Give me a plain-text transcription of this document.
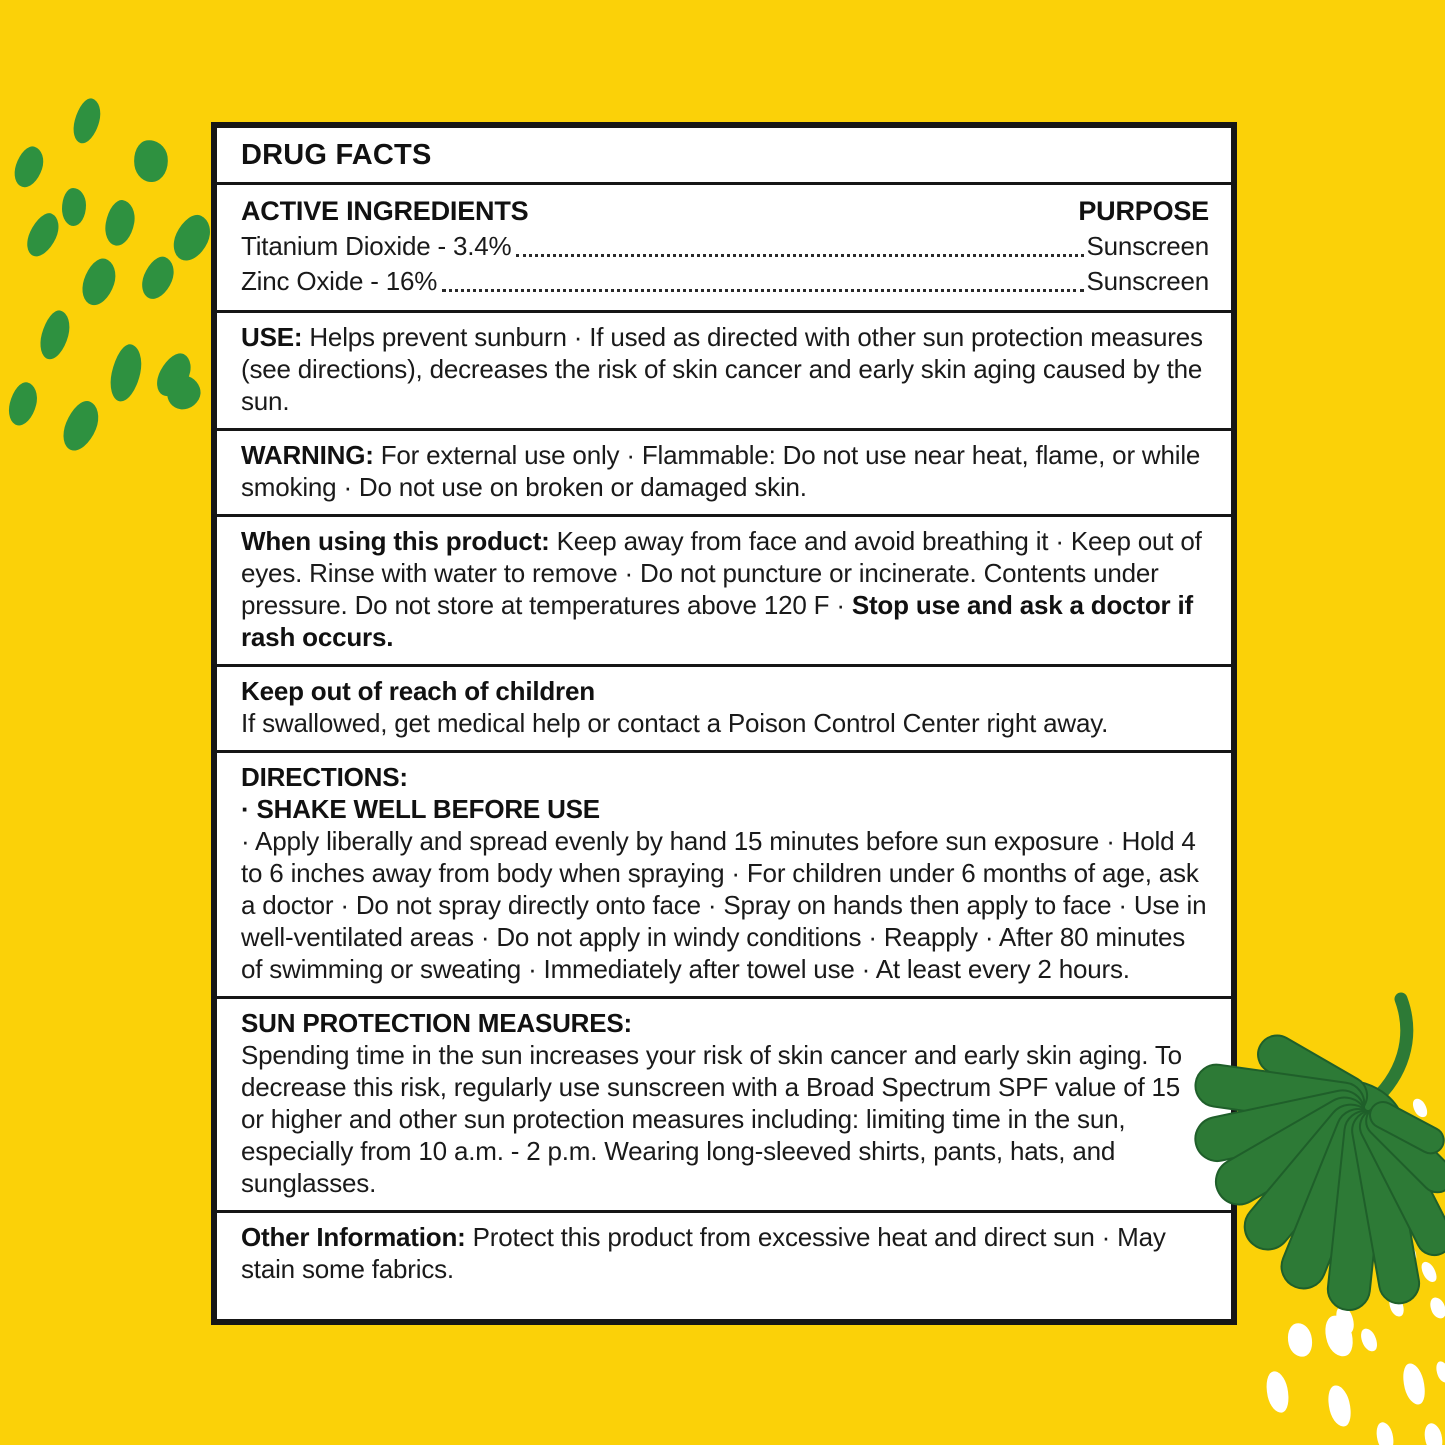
DRUG FACTS
ACTIVE INGREDIENTS	PURPOSE
Titanium Dioxide - 3.4%	Sunscreen
Zinc Oxide - 16%	Sunscreen

USE: Helps prevent sunburn · If used as directed with other sun protection measures (see directions), decreases the risk of skin cancer and early skin aging caused by the sun.

WARNING: For external use only · Flammable: Do not use near heat, flame, or while smoking · Do not use on broken or damaged skin.

When using this product: Keep away from face and avoid breathing it · Keep out of eyes. Rinse with water to remove · Do not puncture or incinerate. Contents under pressure. Do not store at temperatures above 120 F · Stop use and ask a doctor if rash occurs.

Keep out of reach of children

If swallowed, get medical help or contact a Poison Control Center right away.

DIRECTIONS:
· SHAKE WELL BEFORE USE

· Apply liberally and spread evenly by hand 15 minutes before sun exposure · Hold 4 to 6 inches away from body when spraying · For children under 6 months of age, ask a doctor · Do not spray directly onto face · Spray on hands then apply to face · Use in well-ventilated areas · Do not apply in windy conditions · Reapply · After 80 minutes of swimming or sweating · Immediately after towel use · At least every 2 hours.

SUN PROTECTION MEASURES:

Spending time in the sun increases your risk of skin cancer and early skin aging. To decrease this risk, regularly use sunscreen with a Broad Spectrum SPF value of 15 or higher and other sun protection measures including: limiting time in the sun, especially from 10 a.m. - 2 p.m. Wearing long-sleeved shirts, pants, hats, and sunglasses.

Other Information: Protect this product from excessive heat and direct sun · May stain some fabrics.
